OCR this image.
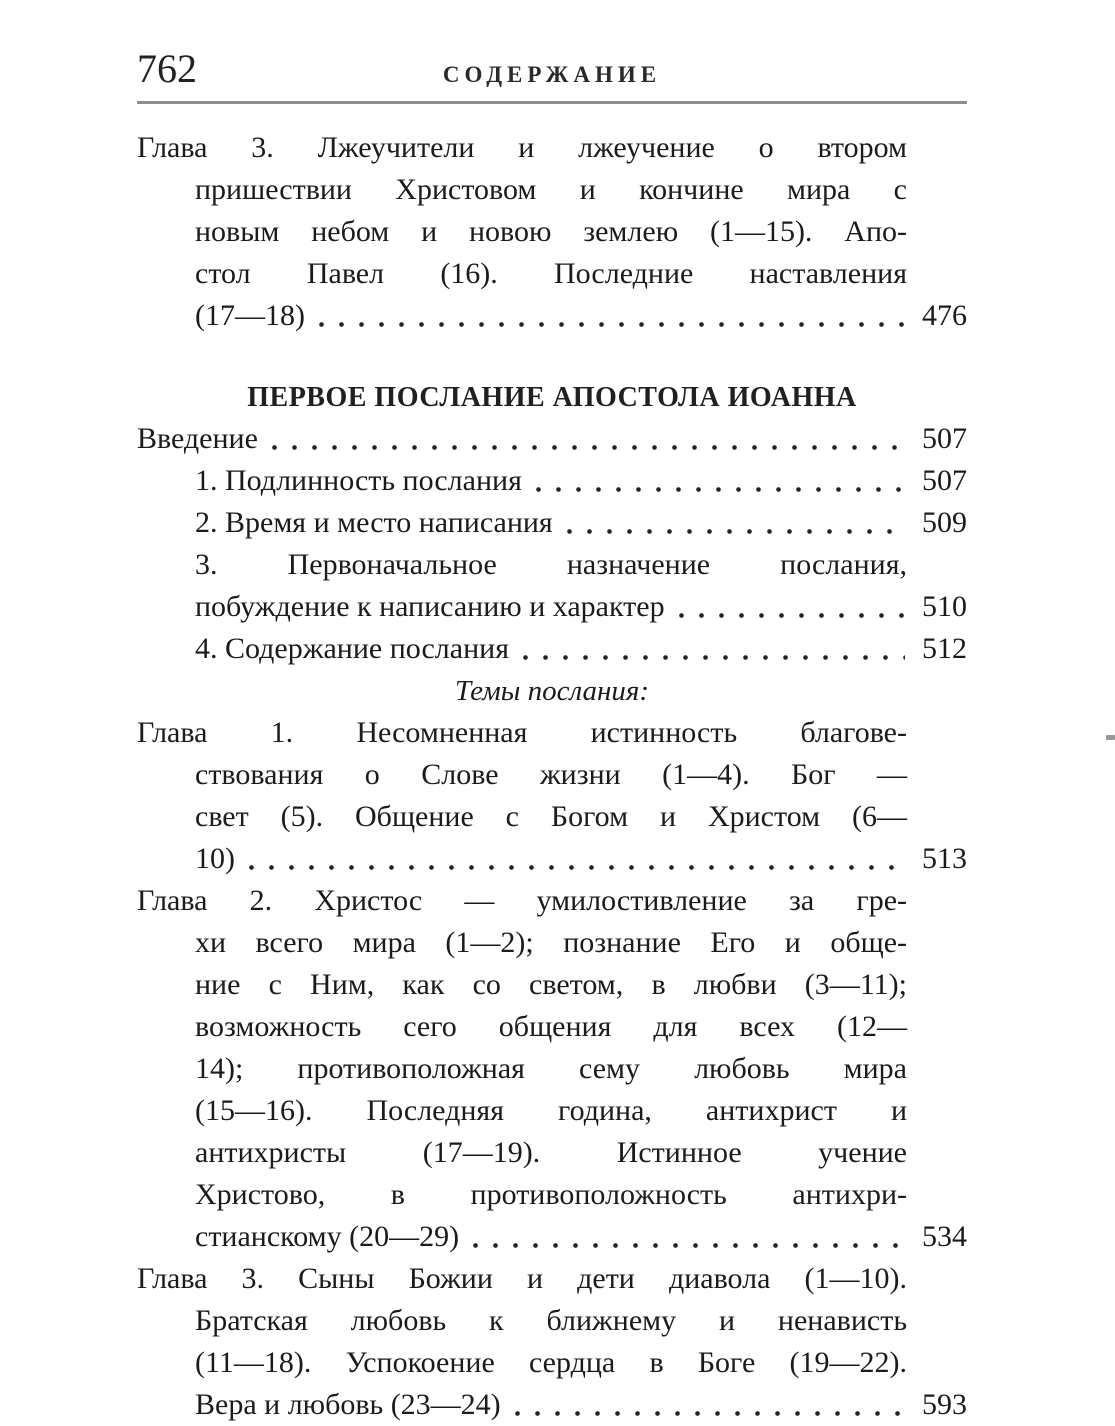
762	СОДЕРЖАНИЕ
Глава 3. Лжеучители и лжеучение о втором
пришествии Христовом и кончине мира с
новым небом и новою землею (1—15). Апо-
стол Павел (16). Последние наставления
(17—18)	476
ПЕРВОЕ ПОСЛАНИЕ АПОСТОЛА ИОАННА
Введение	507
1. Подлинность послания	507
2. Время и место написания	509
3. Первоначальное назначение послания,
побуждение к написанию и характер	510
4. Содержание послания	512
Темы послания:
Глава 1. Несомненная истинность благове-
ствования о Слове жизни (1—4). Бог —
свет (5). Общение с Богом и Христом (6—
10)	513
Глава 2. Христос — умилостивление за гре-
хи всего мира (1—2); познание Его и обще-
ние с Ним, как со светом, в любви (3—11);
возможность сего общения для всех (12—
14); противоположная сему любовь мира
(15—16). Последняя година, антихрист и
антихристы (17—19). Истинное учение
Христово, в противоположность антихри-
стианскому (20—29)	534
Глава 3. Сыны Божии и дети диавола (1—10).
Братская любовь к ближнему и ненависть
(11—18). Успокоение сердца в Боге (19—22).
Вера и любовь (23—24)	593
